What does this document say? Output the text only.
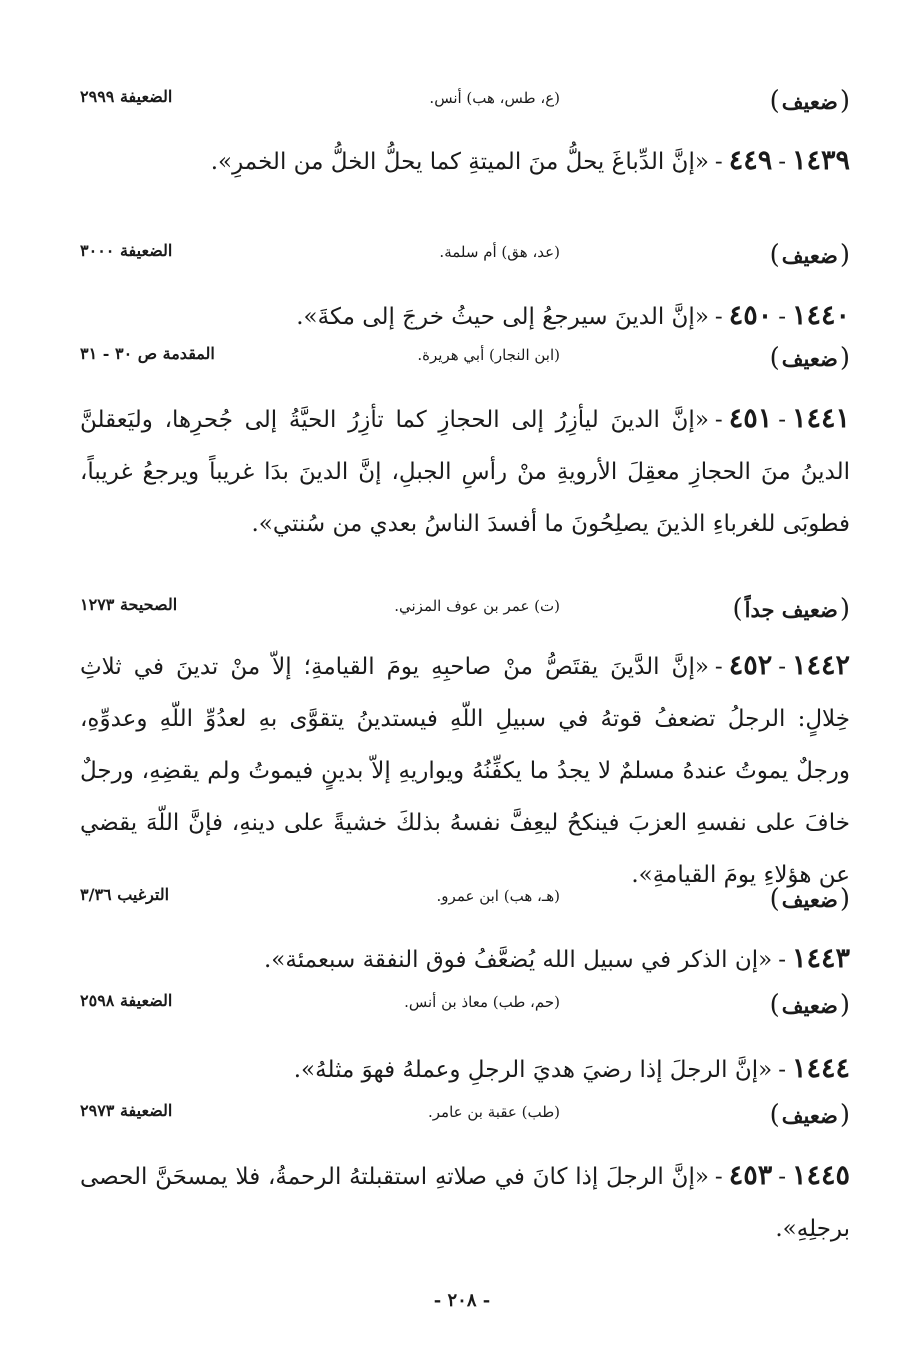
( ضعيف )
(ع، طس، هب) أنس.
الضعيفة ٢٩٩٩
١٤٣٩-٤٤٩-«إنَّ الدِّباغَ يحلُّ منَ الميتةِ كما يحلُّ الخلُّ من الخمرِ».
( ضعيف )
(عد، هق) أم سلمة.
الضعيفة ٣٠٠٠
١٤٤٠-٤٥٠-«إنَّ الدينَ سيرجعُ إلى حيثُ خرجَ إلى مكةَ».
( ضعيف )
(ابن النجار) أبي هريرة.
المقدمة ص ٣٠ - ٣١
١٤٤١-٤٥١-«إنَّ الدينَ ليأزِرُ إلى الحجازِ كما تأزِرُ الحيَّةُ إلى جُحرِها، وليَعقلنَّ الدينُ منَ الحجازِ معقِلَ الأرويةِ منْ رأسِ الجبلِ، إنَّ الدينَ بدَا غريباً ويرجعُ غريباً، فطوبَى للغرباءِ الذينَ يصلِحُونَ ما أفسدَ الناسُ بعدي من سُنتي».
( ضعيف جداً )
(ت) عمر بن عوف المزني.
الصحيحة ١٢٧٣
١٤٤٢-٤٥٢-«إنَّ الدَّينَ يقتَصُّ منْ صاحبِهِ يومَ القيامةِ؛ إلاّ منْ تدينَ في ثلاثِ خِلالٍ: الرجلُ تضعفُ قوتهُ في سبيلِ اللّهِ فيستدينُ يتقوَّى بهِ لعدُوِّ اللّهِ وعدوِّهِ، ورجلٌ يموتُ عندهُ مسلمٌ لا يجدُ ما يكفِّنُهُ ويواريهِ إلاّ بدينٍ فيموتُ ولم يقضِهِ، ورجلٌ خافَ على نفسهِ العزبَ فينكحُ ليعِفَّ نفسهُ بذلكَ خشيةً على دينهِ، فإنَّ اللّهَ يقضي عن هؤلاءِ يومَ القيامةِ».
( ضعيف )
(هـ، هب) ابن عمرو.
الترغيب ٣/٣٦
١٤٤٣-«إن الذكر في سبيل الله يُضعَّفُ فوق النفقة سبعمئة».
( ضعيف )
(حم، طب) معاذ بن أنس.
الضعيفة ٢٥٩٨
١٤٤٤-«إنَّ الرجلَ إذا رضيَ هديَ الرجلِ وعملهُ فهوَ مثلهُ».
( ضعيف )
(طب) عقبة بن عامر.
الضعيفة ٢٩٧٣
١٤٤٥-٤٥٣-«إنَّ الرجلَ إذا كانَ في صلاتهِ استقبلتهُ الرحمةُ، فلا يمسحَنَّ الحصى برجلِهِ».
- ٢٠٨ -
